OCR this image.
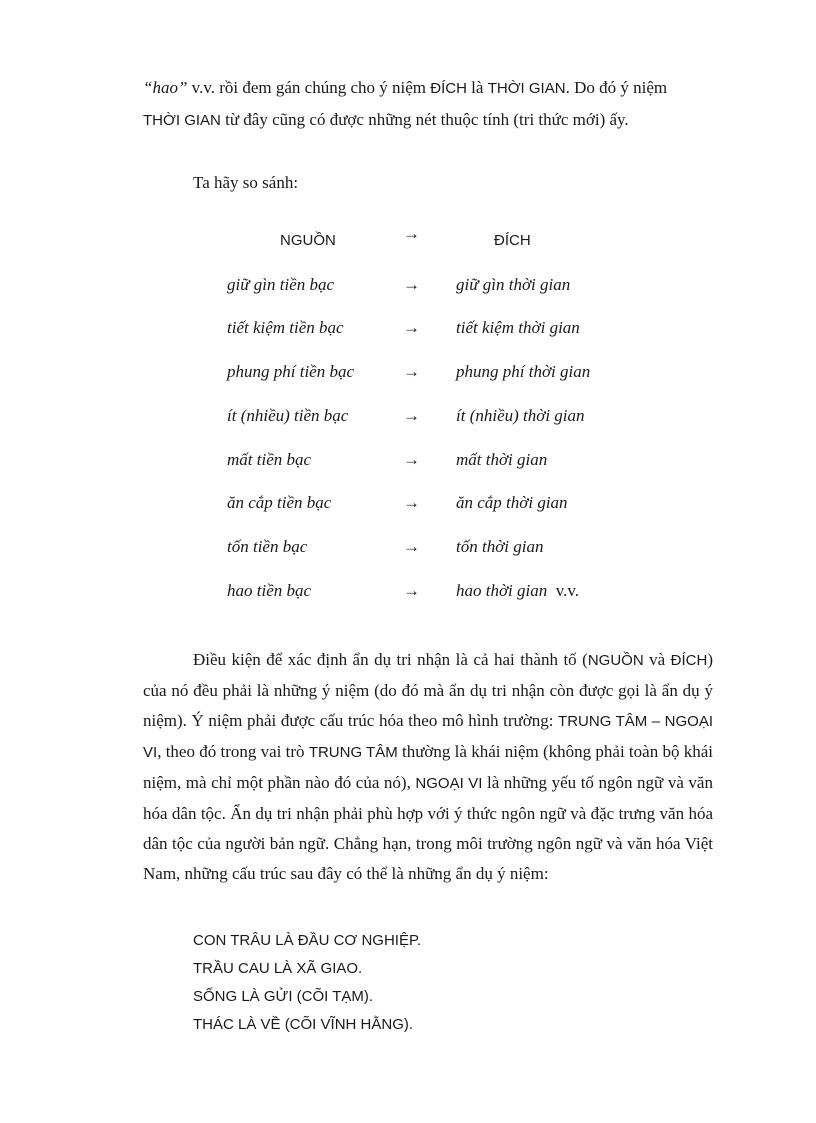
“hao” v.v. rồi đem gán chúng cho ý niệm ĐÍCH là THỜI GIAN. Do đó ý niệm
THỜI GIAN từ đây cũng có được những nét thuộc tính (tri thức mới) ấy.
Ta hãy so sánh:
NGUỒN	→	ĐÍCH
giữ gìn tiền bạc	→ giữ gìn thời gian
tiết kiệm tiền bạc	→ tiết kiệm thời gian
phung phí tiền bạc	→ phung phí thời gian
ít (nhiều) tiền bạc	→ ít (nhiều) thời gian
mất tiền bạc	→ mất thời gian
ăn cắp tiền bạc	→ ăn cắp thời gian
tốn tiền bạc	→ tốn thời gian
hao tiền bạc	→ hao thời gian  v.v.

Điều kiện để xác định ẩn dụ tri nhận là cả hai thành tố (NGUỒN và ĐÍCH) của nó đều phải là những ý niệm (do đó mà ẩn dụ tri nhận còn được gọi là ẩn dụ ý niệm). Ý niệm phải được cấu trúc hóa theo mô hình trường: TRUNG TÂM – NGOẠI VI, theo đó trong vai trò TRUNG TÂM thường là khái niệm (không phải toàn bộ khái niệm, mà chỉ một phần nào đó của nó), NGOẠI VI là những yếu tố ngôn ngữ và văn hóa dân tộc. Ẩn dụ tri nhận phải phù hợp với ý thức ngôn ngữ và đặc trưng văn hóa dân tộc của người bản ngữ. Chẳng hạn, trong môi trường ngôn ngữ và văn hóa Việt Nam, những cấu trúc sau đây có thể là những ẩn dụ ý niệm:

CON TRÂU LÀ ĐẦU CƠ NGHIỆP.
TRẦU CAU LÀ XÃ GIAO.
SỐNG LÀ GỬI (CÕI TẠM).
THÁC LÀ VỀ (CÕI VĨNH HẰNG).
